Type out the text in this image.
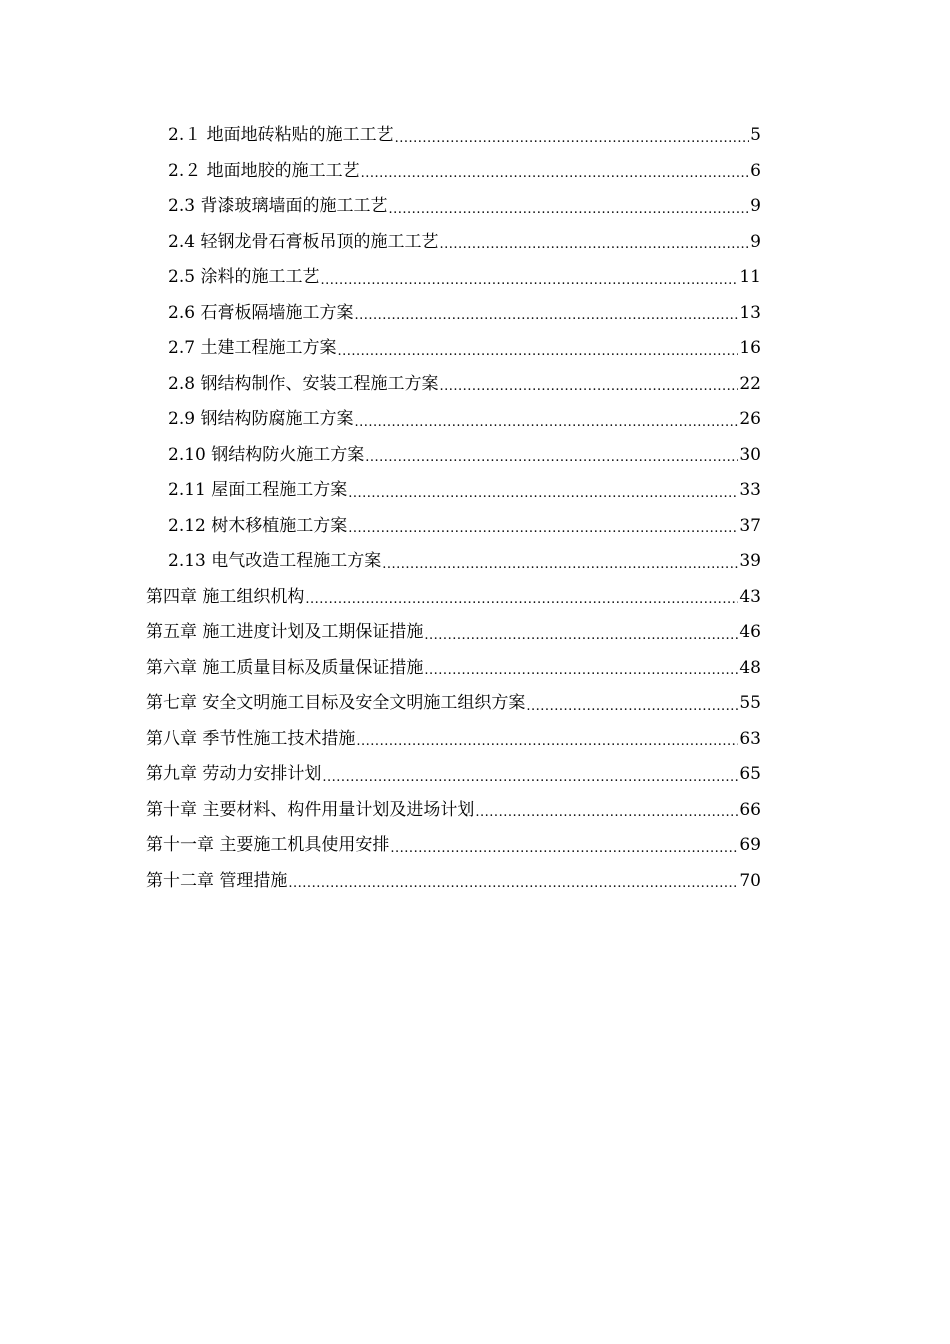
2.１ 地面地砖粘贴的施工工艺 .....	5
2.２ 地面地胶的施工工艺 .....	6
2.3 背漆玻璃墙面的施工工艺 .....	9
2.4 轻钢龙骨石膏板吊顶的施工工艺 .....	9
2.5 涂料的施工工艺 .....	11
2.6 石膏板隔墙施工方案 .....	13
2.7 土建工程施工方案 .....	16
2.8 钢结构制作、安装工程施工方案 .....	22
2.9 钢结构防腐施工方案 .....	26
2.10 钢结构防火施工方案 .....	30
2.11 屋面工程施工方案 .....	33
2.12 树木移植施工方案 .....	37
2.13 电气改造工程施工方案 .....	39
第四章 施工组织机构 .....	43
第五章 施工进度计划及工期保证措施 .....	46
第六章 施工质量目标及质量保证措施 .....	48
第七章 安全文明施工目标及安全文明施工组织方案 .....	55
第八章 季节性施工技术措施 .....	63
第九章 劳动力安排计划 .....	65
第十章 主要材料、构件用量计划及进场计划 .....	66
第十一章 主要施工机具使用安排 .....	69
第十二章 管理措施 .....	70
